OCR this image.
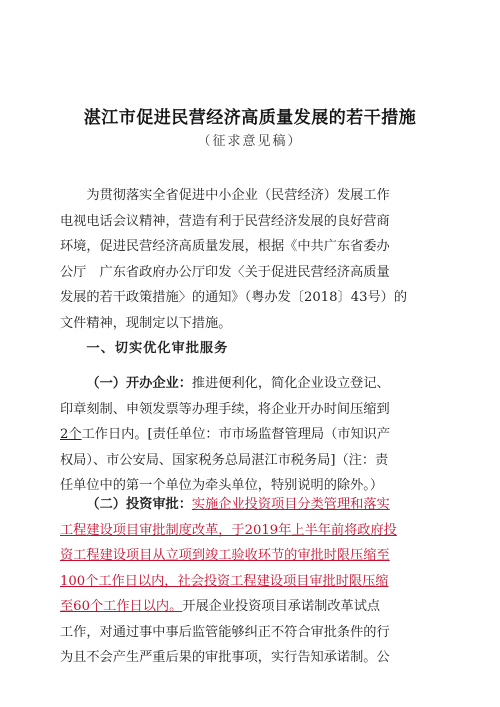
湛江市促进民营经济高质量发展的若干措施
（征求意见稿）
为贯彻落实全省促进中小企业（民营经济）发展工作
电视电话会议精神，营造有利于民营经济发展的良好营商
环境，促进民营经济高质量发展，根据《中共广东省委办
公厅　广东省政府办公厅印发〈关于促进民营经济高质量
发展的若干政策措施〉的通知》（粤办发〔2018〕43号）的
文件精神，现制定以下措施。
一、切实优化审批服务
（一）开办企业：推进便利化，简化企业设立登记、
印章刻制、申领发票等办理手续，将企业开办时间压缩到
2个工作日内。[责任单位：市市场监督管理局（市知识产
权局）、市公安局、国家税务总局湛江市税务局]（注：责
任单位中的第一个单位为牵头单位，特别说明的除外。）
（二）投资审批：实施企业投资项目分类管理和落实
工程建设项目审批制度改革，于2019年上半年前将政府投
资工程建设项目从立项到竣工验收环节的审批时限压缩至
100个工作日以内，社会投资工程建设项目审批时限压缩
至60个工作日以内。开展企业投资项目承诺制改革试点
工作，对通过事中事后监管能够纠正不符合审批条件的行
为且不会产生严重后果的审批事项，实行告知承诺制。公
